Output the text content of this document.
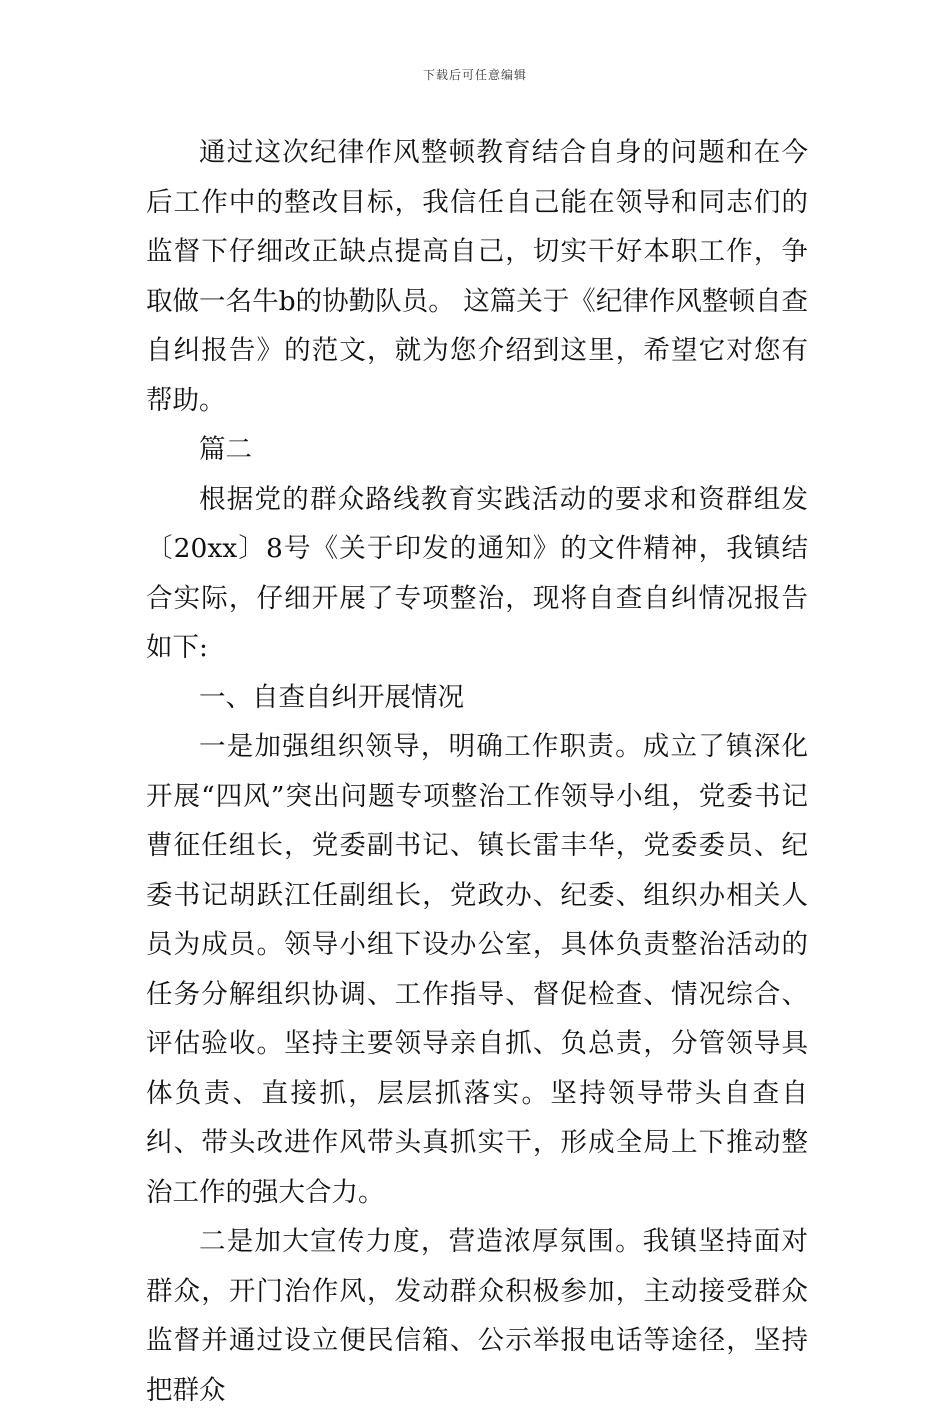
下载后可任意编辑

通过这次纪律作风整顿教育结合自身的问题和在今后工作中的整改目标，我信任自己能在领导和同志们的监督下仔细改正缺点提高自己，切实干好本职工作，争取做一名牛b的协勤队员。 这篇关于《纪律作风整顿自查自纠报告》的范文，就为您介绍到这里，希望它对您有帮助。

篇二

根据党的群众路线教育实践活动的要求和资群组发〔20xx〕8号《关于印发的通知》的文件精神，我镇结合实际，仔细开展了专项整治，现将自查自纠情况报告如下:

一、自查自纠开展情况

一是加强组织领导，明确工作职责。成立了镇深化开展“四风”突出问题专项整治工作领导小组，党委书记曹征任组长，党委副书记、镇长雷丰华，党委委员、纪委书记胡跃江任副组长，党政办、纪委、组织办相关人员为成员。领导小组下设办公室，具体负责整治活动的任务分解组织协调、工作指导、督促检查、情况综合、评估验收。坚持主要领导亲自抓、负总责，分管领导具体负责、直接抓，层层抓落实。坚持领导带头自查自纠、带头改进作风带头真抓实干，形成全局上下推动整治工作的强大合力。

二是加大宣传力度，营造浓厚氛围。我镇坚持面对群众，开门治作风，发动群众积极参加，主动接受群众监督并通过设立便民信箱、公示举报电话等途径，坚持把群众
